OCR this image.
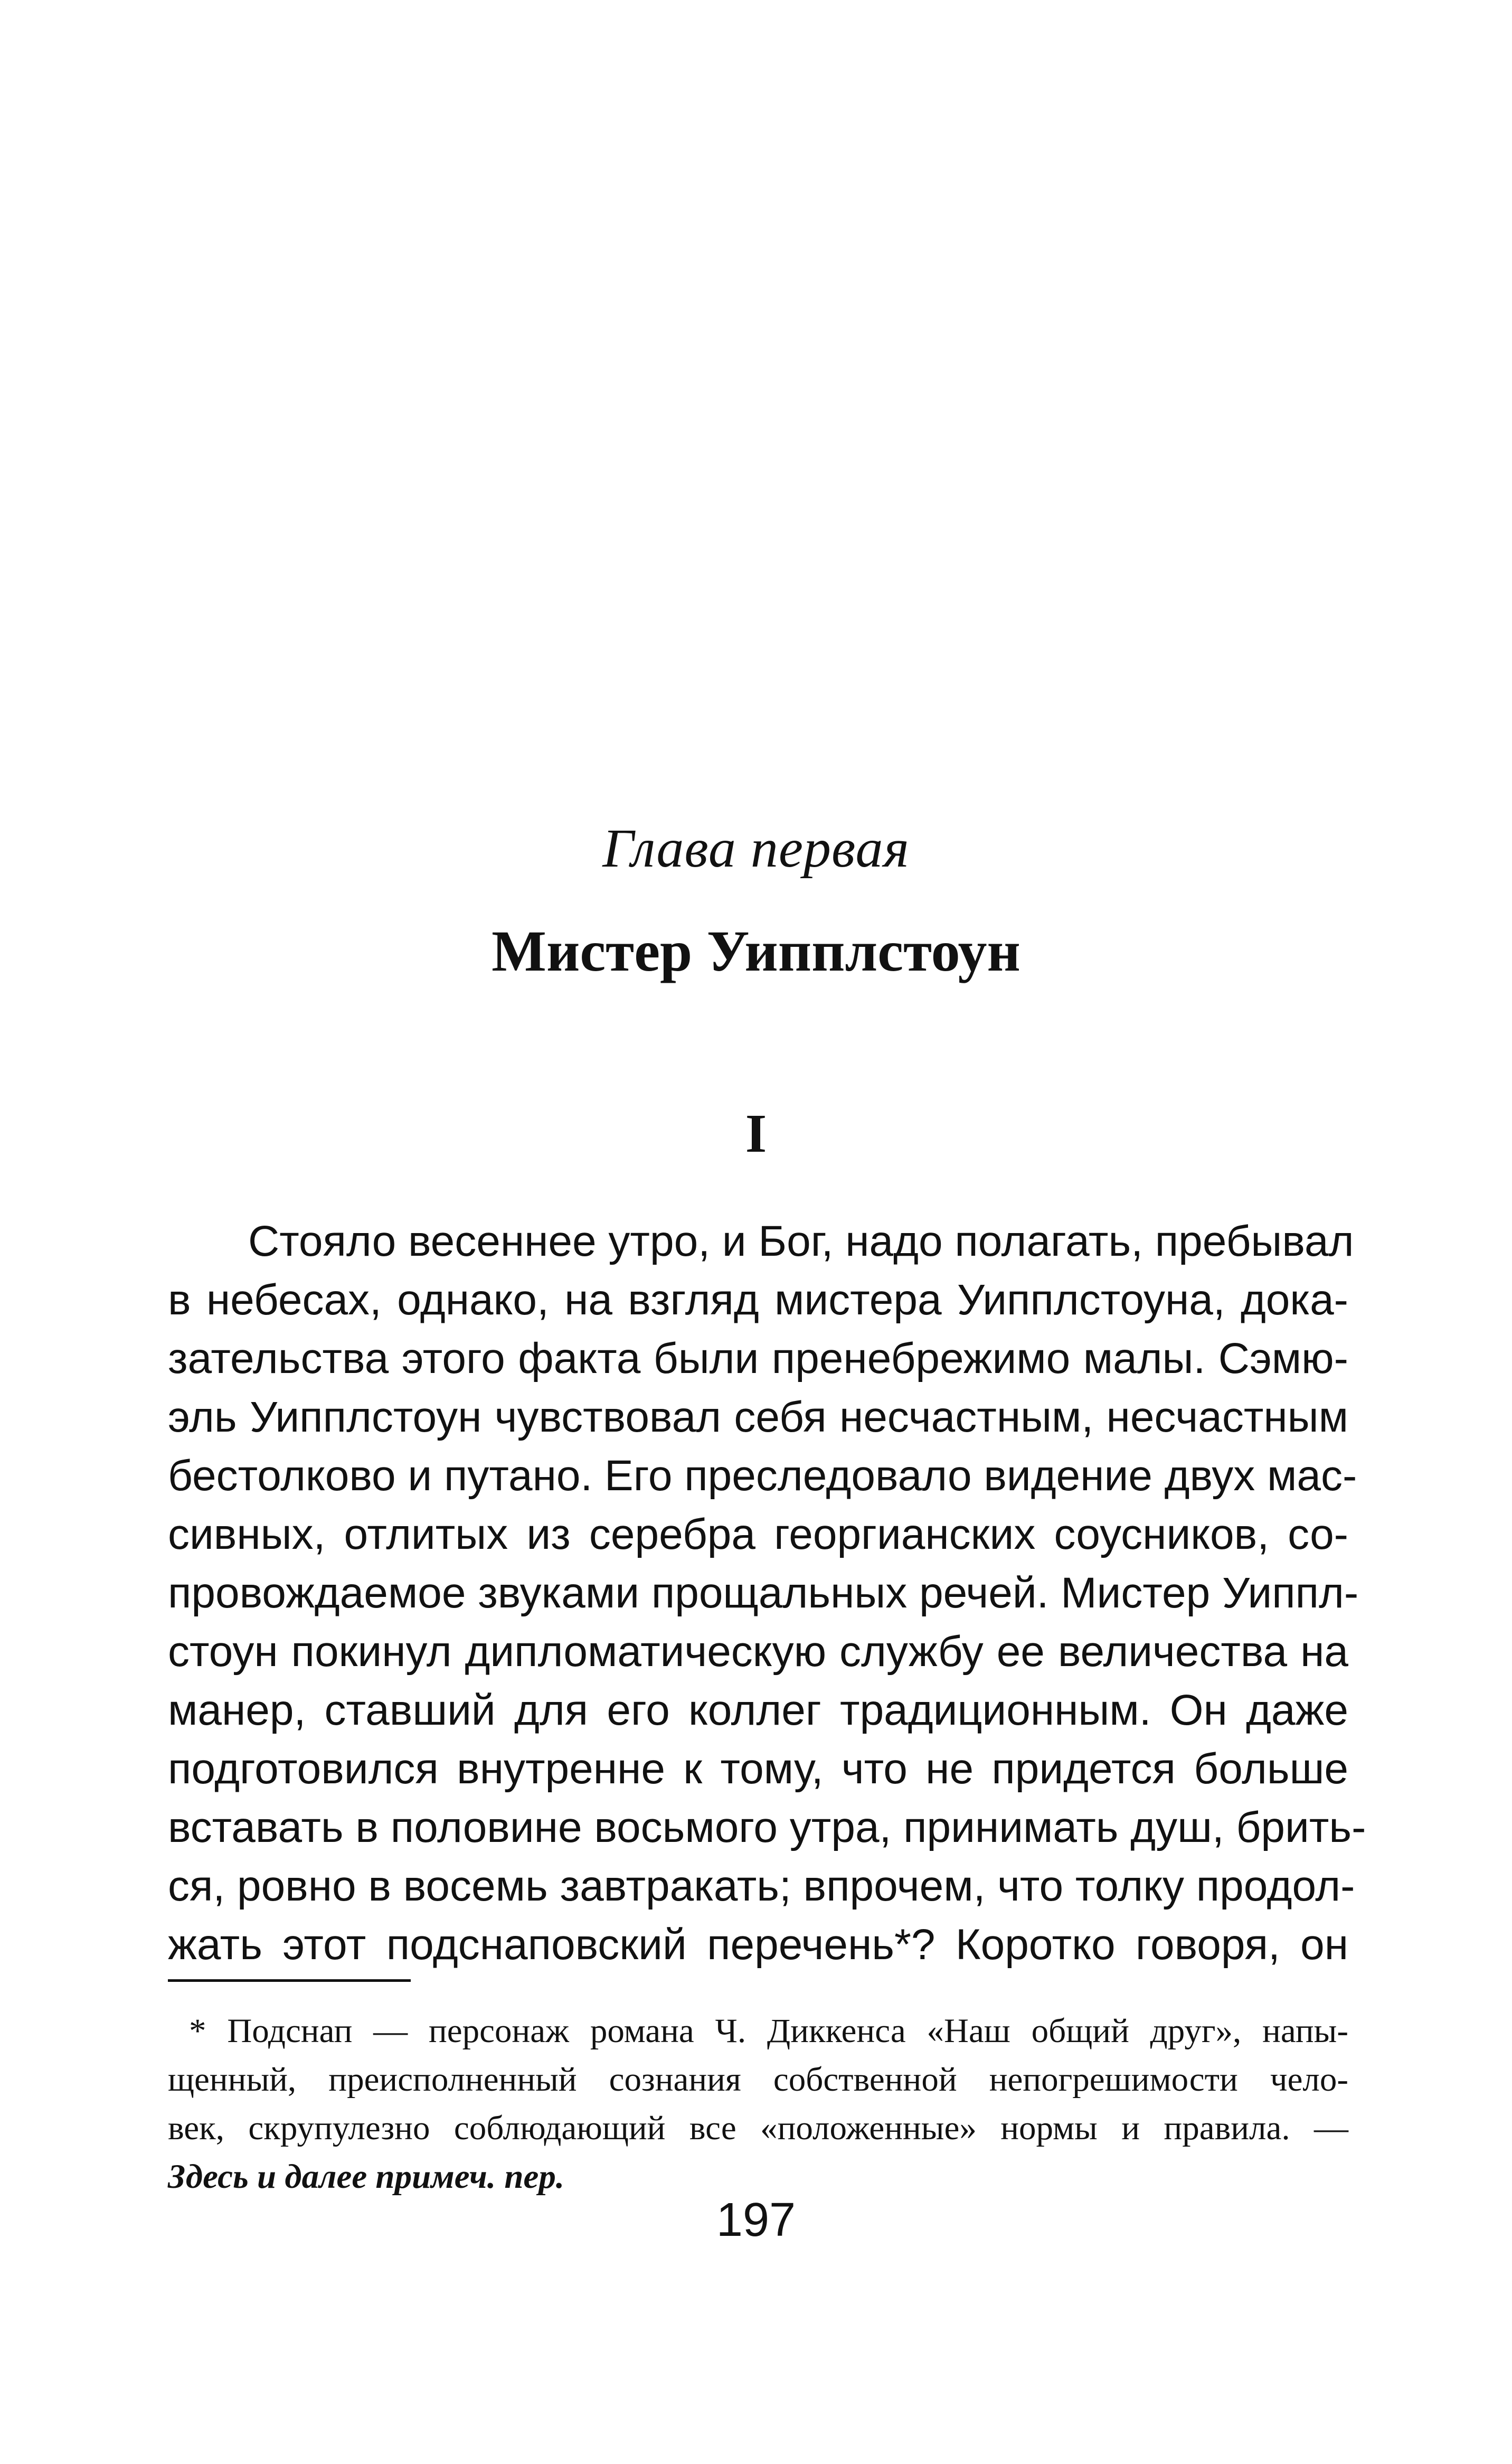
Глава первая
Мистер Уипплстоун
I
Стояло весеннее утро, и Бог, надо полагать, пребывал
в небесах, однако, на взгляд мистера Уипплстоуна, дока-
зательства этого факта были пренебрежимо малы. Сэмю-
эль Уипплстоун чувствовал себя несчастным, несчастным
бестолково и путано. Его преследовало видение двух мас-
сивных, отлитых из серебра георгианских соусников, со-
провождаемое звуками прощальных речей. Мистер Уиппл-
стоун покинул дипломатическую службу ее величества на
манер, ставший для его коллег традиционным. Он даже
подготовился внутренне к тому, что не придется больше
вставать в половине восьмого утра, принимать душ, брить-
ся, ровно в восемь завтракать; впрочем, что толку продол-
жать этот подснаповский перечень*? Коротко говоря, он
* Подснап — персонаж романа Ч. Диккенса «Наш общий друг», напы-
щенный, преисполненный сознания собственной непогрешимости чело-
век, скрупулезно соблюдающий все «положенные» нормы и правила. —
Здесь и далее примеч. пер.
197
